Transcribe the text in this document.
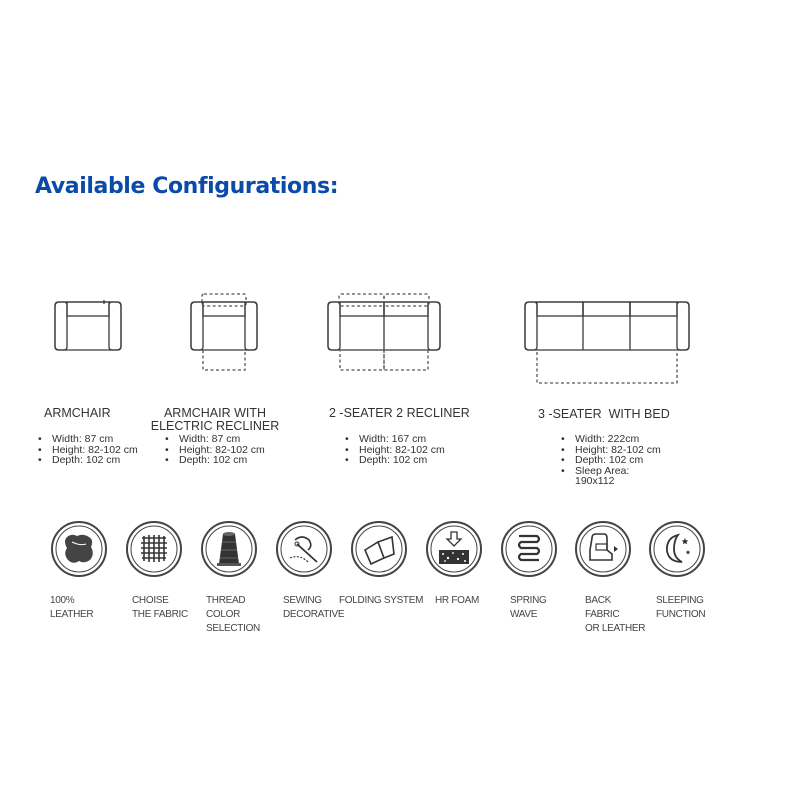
Available Configurations:
ARMCHAIR
• Width: 87 cm
• Height: 82-102 cm
• Depth: 102 cm
ARMCHAIR WITH
ELECTRIC RECLINER
• Width: 87 cm
• Height: 82-102 cm
• Depth: 102 cm
2 -SEATER 2 RECLINER
• Width: 167 cm
• Height: 82-102 cm
• Depth: 102 cm
3 -SEATER  WITH BED
• Width: 222cm
• Height: 82-102 cm
• Depth: 102 cm
• Sleep Area:
190x112
100%
LEATHER
CHOISE
THE FABRIC
THREAD
COLOR
SELECTION
SEWING
DECORATIVE
FOLDING SYSTEM	HR FOAM	SPRING
WAVE
BACK
FABRIC
OR LEATHER
SLEEPING
FUNCTION
